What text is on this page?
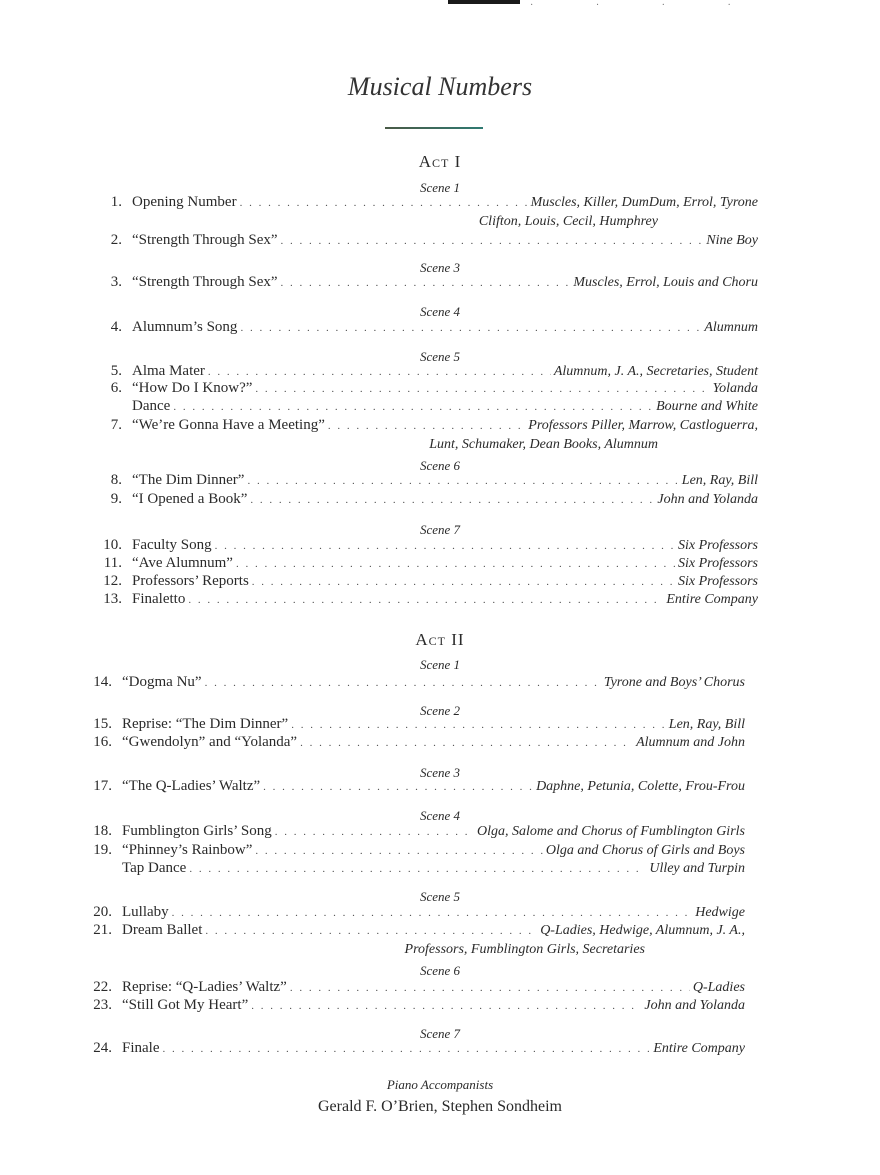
· · · ·
Musical Numbers
Act I
Scene 1
1. Opening Number . . .	Muscles, Killer, DumDum, Errol, Tyrone
Clifton, Louis, Cecil, Humphrey
2. “Strength Through Sex” . . .	Nine Boy
Scene 3
3. “Strength Through Sex” . . .	Muscles, Errol, Louis and Choru
Scene 4
4. Alumnum’s Song . . .	Alumnum
Scene 5
5. Alma Mater . . .	Alumnum, J. A., Secretaries, Student
6. “How Do I Know?” . . .	Yolanda
Dance . . .	Bourne and White
7. “We’re Gonna Have a Meeting” . . .	Professors Piller, Marrow, Castloguerra,
Lunt, Schumaker, Dean Books, Alumnum
Scene 6
8. “The Dim Dinner” . . .	Len, Ray, Bill
9. “I Opened a Book” . . .	John and Yolanda
Scene 7
10. Faculty Song . . .	Six Professors
11. “Ave Alumnum” . . .	Six Professors
12. Professors’ Reports . . .	Six Professors
13. Finaletto . . .	Entire Company
Act II
Scene 1
14. “Dogma Nu” . . .	Tyrone and Boys’ Chorus
Scene 2
15. Reprise: “The Dim Dinner” . . .	Len, Ray, Bill
16. “Gwendolyn” and “Yolanda” . . .	Alumnum and John
Scene 3
17. “The Q-Ladies’ Waltz” . . .	Daphne, Petunia, Colette, Frou-Frou
Scene 4
18. Fumblington Girls’ Song . . .	Olga, Salome and Chorus of Fumblington Girls
19. “Phinney’s Rainbow” . . .	Olga and Chorus of Girls and Boys
Tap Dance . . .	Ulley and Turpin
Scene 5
20. Lullaby . . .	Hedwige
21. Dream Ballet . . .	Q-Ladies, Hedwige, Alumnum, J. A.,
Professors, Fumblington Girls, Secretaries
Scene 6
22. Reprise: “Q-Ladies’ Waltz” . . .	Q-Ladies
23. “Still Got My Heart” . . .	John and Yolanda
Scene 7
24. Finale . . .	Entire Company
Piano Accompanists
Gerald F. O’Brien, Stephen Sondheim
